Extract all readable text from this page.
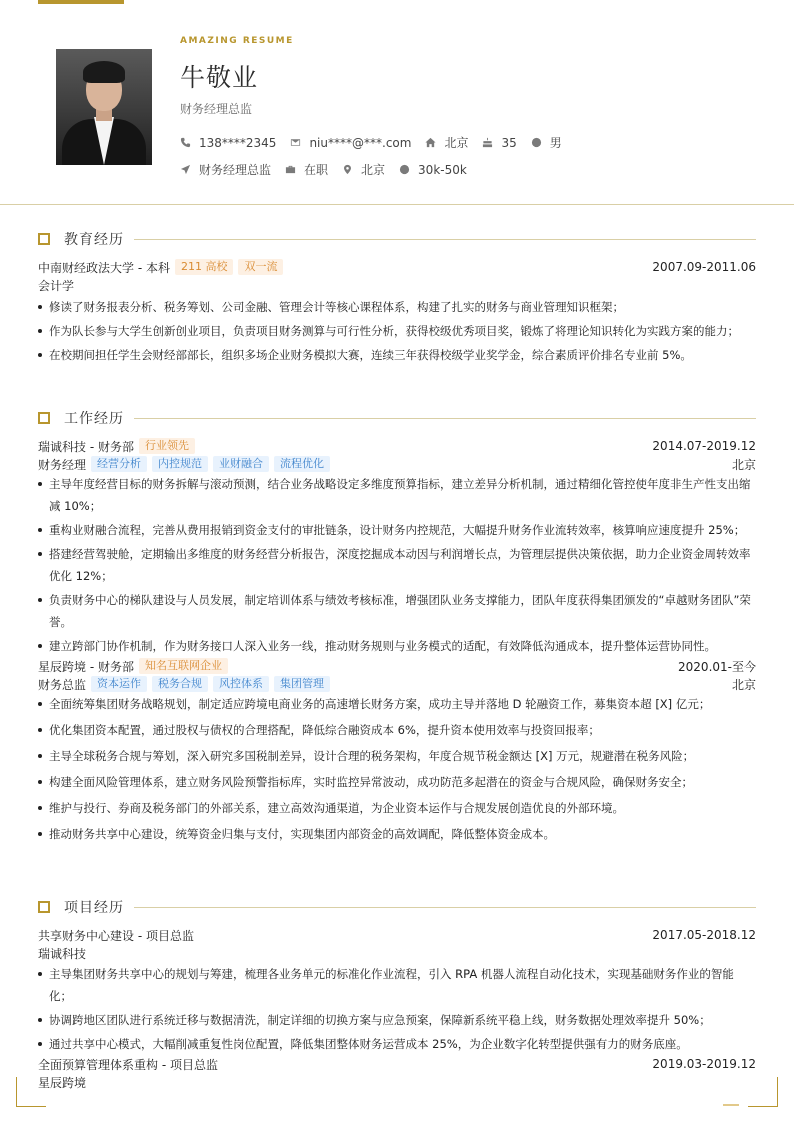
AMAZING RESUME
牛敬业
财务经理总监
138****2345	niu****@***.com	北京	35	男
财务经理总监	在职	北京	30k-50k
教育经历
中南财经政法大学 - 本科	211 高校	双一流	2007.09-2011.06
会计学
修读了财务报表分析、税务筹划、公司金融、管理会计等核心课程体系，构建了扎实的财务与商业管理知识框架；
作为队长参与大学生创新创业项目，负责项目财务测算与可行性分析，获得校级优秀项目奖，锻炼了将理论知识转化为实践方案的能力；
在校期间担任学生会财经部部长，组织多场企业财务模拟大赛，连续三年获得校级学业奖学金，综合素质评价排名专业前 5%。
工作经历
瑞诚科技 - 财务部	行业领先	2014.07-2019.12
财务经理	经营分析	内控规范	业财融合	流程优化	北京
主导年度经营目标的财务拆解与滚动预测，结合业务战略设定多维度预算指标，建立差异分析机制，通过精细化管控使年度非生产性支出缩减 10%；
重构业财融合流程，完善从费用报销到资金支付的审批链条，设计财务内控规范，大幅提升财务作业流转效率，核算响应速度提升 25%；
搭建经营驾驶舱，定期输出多维度的财务经营分析报告，深度挖掘成本动因与利润增长点，为管理层提供决策依据，助力企业资金周转效率优化 12%；
负责财务中心的梯队建设与人员发展，制定培训体系与绩效考核标准，增强团队业务支撑能力，团队年度获得集团颁发的“卓越财务团队”荣誉。
建立跨部门协作机制，作为财务接口人深入业务一线，推动财务规则与业务模式的适配，有效降低沟通成本，提升整体运营协同性。
星辰跨境 - 财务部	知名互联网企业	2020.01-至今
财务总监	资本运作	税务合规	风控体系	集团管理	北京
全面统筹集团财务战略规划，制定适应跨境电商业务的高速增长财务方案，成功主导并落地 D 轮融资工作，募集资本超 [X] 亿元；
优化集团资本配置，通过股权与债权的合理搭配，降低综合融资成本 6%，提升资本使用效率与投资回报率；
主导全球税务合规与筹划，深入研究多国税制差异，设计合理的税务架构，年度合规节税金额达 [X] 万元，规避潜在税务风险；
构建全面风险管理体系，建立财务风险预警指标库，实时监控异常波动，成功防范多起潜在的资金与合规风险，确保财务安全；
维护与投行、券商及税务部门的外部关系，建立高效沟通渠道，为企业资本运作与合规发展创造优良的外部环境。
推动财务共享中心建设，统筹资金归集与支付，实现集团内部资金的高效调配，降低整体资金成本。
项目经历
共享财务中心建设 - 项目总监	2017.05-2018.12
瑞诚科技
主导集团财务共享中心的规划与筹建，梳理各业务单元的标准化作业流程，引入 RPA 机器人流程自动化技术，实现基础财务作业的智能化；
协调跨地区团队进行系统迁移与数据清洗，制定详细的切换方案与应急预案，保障新系统平稳上线，财务数据处理效率提升 50%；
通过共享中心模式，大幅削减重复性岗位配置，降低集团整体财务运营成本 25%，为企业数字化转型提供强有力的财务底座。
全面预算管理体系重构 - 项目总监	2019.03-2019.12
星辰跨境
